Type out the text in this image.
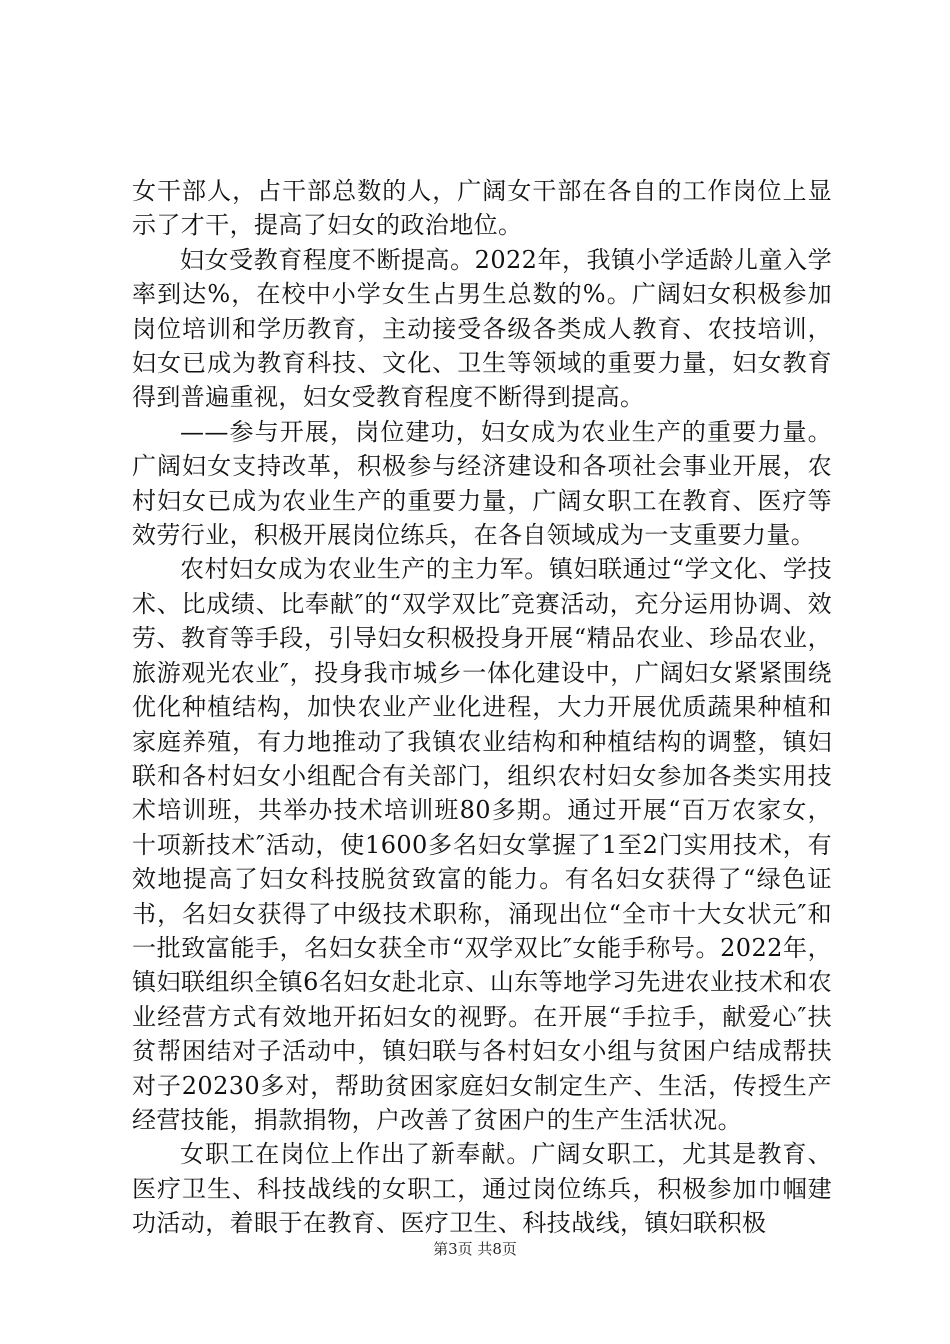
女干部人，占干部总数的人，广阔女干部在各自的工作岗位上显示了才干，提高了妇女的政治地位。

妇女受教育程度不断提高。2022年，我镇小学适龄儿童入学率到达%，在校中小学女生占男生总数的%。广阔妇女积极参加岗位培训和学历教育，主动接受各级各类成人教育、农技培训，妇女已成为教育科技、文化、卫生等领域的重要力量，妇女教育得到普遍重视，妇女受教育程度不断得到提高。

——参与开展，岗位建功，妇女成为农业生产的重要力量。广阔妇女支持改革，积极参与经济建设和各项社会事业开展，农村妇女已成为农业生产的重要力量，广阔女职工在教育、医疗等效劳行业，积极开展岗位练兵，在各自领域成为一支重要力量。

农村妇女成为农业生产的主力军。镇妇联通过“学文化、学技术、比成绩、比奉献″的“双学双比″竞赛活动，充分运用协调、效劳、教育等手段，引导妇女积极投身开展“精品农业、珍品农业，旅游观光农业″，投身我市城乡一体化建设中，广阔妇女紧紧围绕优化种植结构，加快农业产业化进程，大力开展优质蔬果种植和家庭养殖，有力地推动了我镇农业结构和种植结构的调整，镇妇联和各村妇女小组配合有关部门，组织农村妇女参加各类实用技术培训班，共举办技术培训班80多期。通过开展“百万农家女，十项新技术″活动，使1600多名妇女掌握了1至2门实用技术，有效地提高了妇女科技脱贫致富的能力。有名妇女获得了“绿色证书，名妇女获得了中级技术职称，涌现出位“全市十大女状元″和一批致富能手，名妇女获全市“双学双比″女能手称号。2022年，镇妇联组织全镇6名妇女赴北京、山东等地学习先进农业技术和农业经营方式有效地开拓妇女的视野。在开展“手拉手，献爱心″扶贫帮困结对子活动中，镇妇联与各村妇女小组与贫困户结成帮扶对子20230多对，帮助贫困家庭妇女制定生产、生活，传授生产经营技能，捐款捐物，户改善了贫困户的生产生活状况。

女职工在岗位上作出了新奉献。广阔女职工，尤其是教育、医疗卫生、科技战线的女职工，通过岗位练兵，积极参加巾帼建功活动，着眼于在教育、医疗卫生、科技战线，镇妇联积极

第3页 共8页
